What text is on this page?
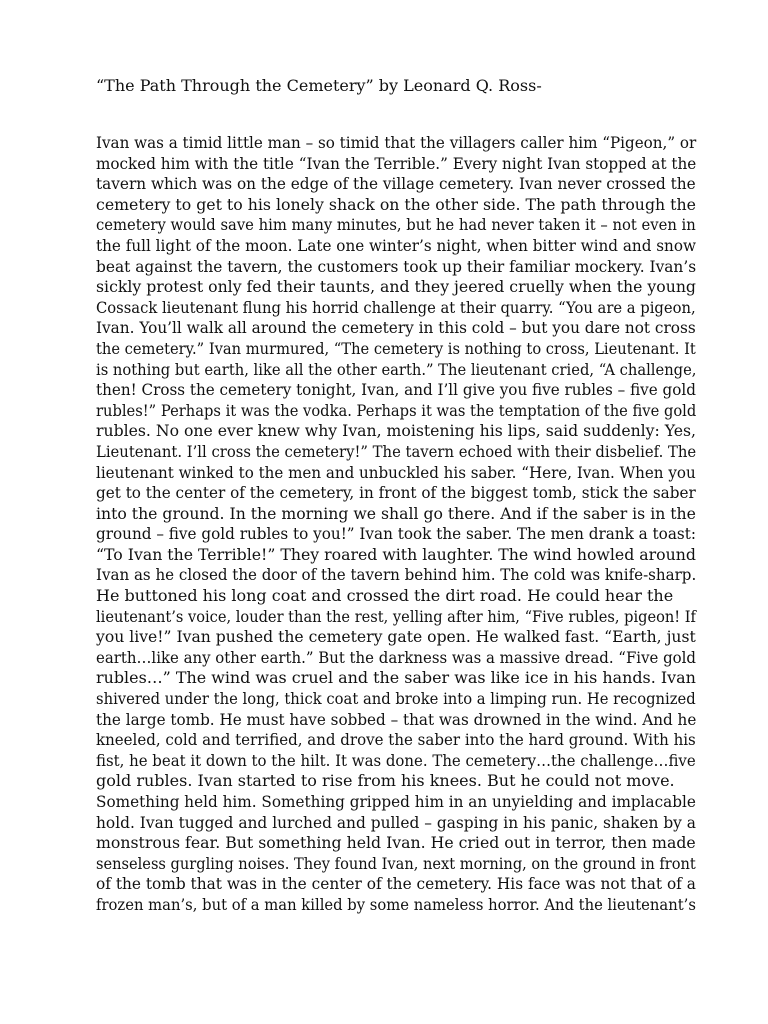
“The Path Through the Cemetery” by Leonard Q. Ross-

Ivan was a timid little man – so timid that the villagers caller him “Pigeon,” or
mocked him with the title “Ivan the Terrible.” Every night Ivan stopped at the
tavern which was on the edge of the village cemetery. Ivan never crossed the
cemetery to get to his lonely shack on the other side. The path through the
cemetery would save him many minutes, but he had never taken it – not even in
the full light of the moon. Late one winter’s night, when bitter wind and snow
beat against the tavern, the customers took up their familiar mockery. Ivan’s
sickly protest only fed their taunts, and they jeered cruelly when the young
Cossack lieutenant flung his horrid challenge at their quarry. “You are a pigeon,
Ivan. You’ll walk all around the cemetery in this cold – but you dare not cross
the cemetery.” Ivan murmured, “The cemetery is nothing to cross, Lieutenant. It
is nothing but earth, like all the other earth.” The lieutenant cried, “A challenge,
then! Cross the cemetery tonight, Ivan, and I’ll give you five rubles – five gold
rubles!” Perhaps it was the vodka. Perhaps it was the temptation of the five gold
rubles. No one ever knew why Ivan, moistening his lips, said suddenly: Yes,
Lieutenant. I’ll cross the cemetery!” The tavern echoed with their disbelief. The
lieutenant winked to the men and unbuckled his saber. “Here, Ivan. When you
get to the center of the cemetery, in front of the biggest tomb, stick the saber
into the ground. In the morning we shall go there. And if the saber is in the
ground – five gold rubles to you!” Ivan took the saber. The men drank a toast:
“To Ivan the Terrible!” They roared with laughter. The wind howled around
Ivan as he closed the door of the tavern behind him. The cold was knife-sharp.
He buttoned his long coat and crossed the dirt road. He could hear the
lieutenant’s voice, louder than the rest, yelling after him, “Five rubles, pigeon! If
you live!” Ivan pushed the cemetery gate open. He walked fast. “Earth, just
earth…like any other earth.” But the darkness was a massive dread. “Five gold
rubles…” The wind was cruel and the saber was like ice in his hands. Ivan
shivered under the long, thick coat and broke into a limping run. He recognized
the large tomb. He must have sobbed – that was drowned in the wind. And he
kneeled, cold and terrified, and drove the saber into the hard ground. With his
fist, he beat it down to the hilt. It was done. The cemetery…the challenge…five
gold rubles. Ivan started to rise from his knees. But he could not move.
Something held him. Something gripped him in an unyielding and implacable
hold. Ivan tugged and lurched and pulled – gasping in his panic, shaken by a
monstrous fear. But something held Ivan. He cried out in terror, then made
senseless gurgling noises. They found Ivan, next morning, on the ground in front
of the tomb that was in the center of the cemetery. His face was not that of a
frozen man’s, but of a man killed by some nameless horror. And the lieutenant’s
